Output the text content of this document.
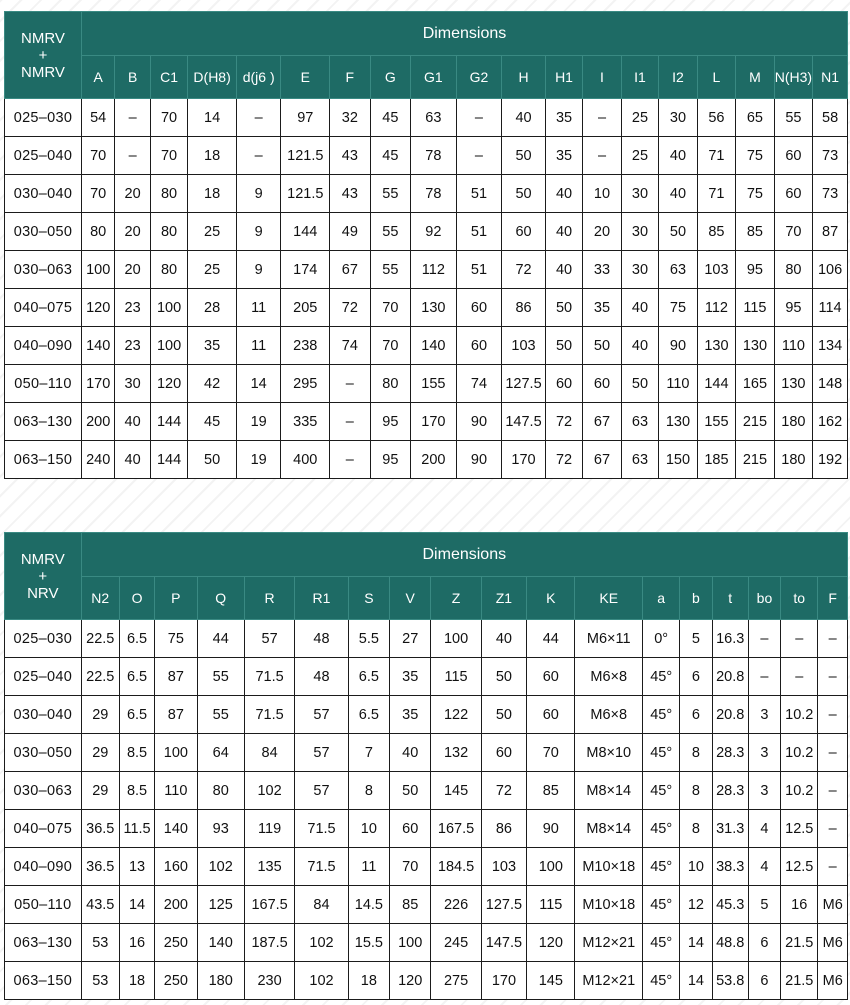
NMRV
+
NMRV	Dimensions																		
	A	B	C1	D(H8)	d(j6 )	E	F	G	G1	G2	H	H1	I	I1	I2	L	M	N(H3)	N1
025–030	54	–	70	14	–	97	32	45	63	–	40	35	–	25	30	56	65	55	58
025–040	70	–	70	18	–	121.5	43	45	78	–	50	35	–	25	40	71	75	60	73
030–040	70	20	80	18	9	121.5	43	55	78	51	50	40	10	30	40	71	75	60	73
030–050	80	20	80	25	9	144	49	55	92	51	60	40	20	30	50	85	85	70	87
030–063	100	20	80	25	9	174	67	55	112	51	72	40	33	30	63	103	95	80	106
040–075	120	23	100	28	11	205	72	70	130	60	86	50	35	40	75	112	115	95	114
040–090	140	23	100	35	11	238	74	70	140	60	103	50	50	40	90	130	130	110	134
050–110	170	30	120	42	14	295	–	80	155	74	127.5	60	60	50	110	144	165	130	148
063–130	200	40	144	45	19	335	–	95	170	90	147.5	72	67	63	130	155	215	180	162
063–150	240	40	144	50	19	400	–	95	200	90	170	72	67	63	150	185	215	180	192
NMRV
+
NRV	Dimensions																	
	N2	O	P	Q	R	R1	S	V	Z	Z1	K	KE	a	b	t	bo	to	F
025–030	22.5	6.5	75	44	57	48	5.5	27	100	40	44	M6×11	0°	5	16.3	–	–	–
025–040	22.5	6.5	87	55	71.5	48	6.5	35	115	50	60	M6×8	45°	6	20.8	–	–	–
030–040	29	6.5	87	55	71.5	57	6.5	35	122	50	60	M6×8	45°	6	20.8	3	10.2	–
030–050	29	8.5	100	64	84	57	7	40	132	60	70	M8×10	45°	8	28.3	3	10.2	–
030–063	29	8.5	110	80	102	57	8	50	145	72	85	M8×14	45°	8	28.3	3	10.2	–
040–075	36.5	11.5	140	93	119	71.5	10	60	167.5	86	90	M8×14	45°	8	31.3	4	12.5	–
040–090	36.5	13	160	102	135	71.5	11	70	184.5	103	100	M10×18	45°	10	38.3	4	12.5	–
050–110	43.5	14	200	125	167.5	84	14.5	85	226	127.5	115	M10×18	45°	12	45.3	5	16	M6
063–130	53	16	250	140	187.5	102	15.5	100	245	147.5	120	M12×21	45°	14	48.8	6	21.5	M6
063–150	53	18	250	180	230	102	18	120	275	170	145	M12×21	45°	14	53.8	6	21.5	M6
